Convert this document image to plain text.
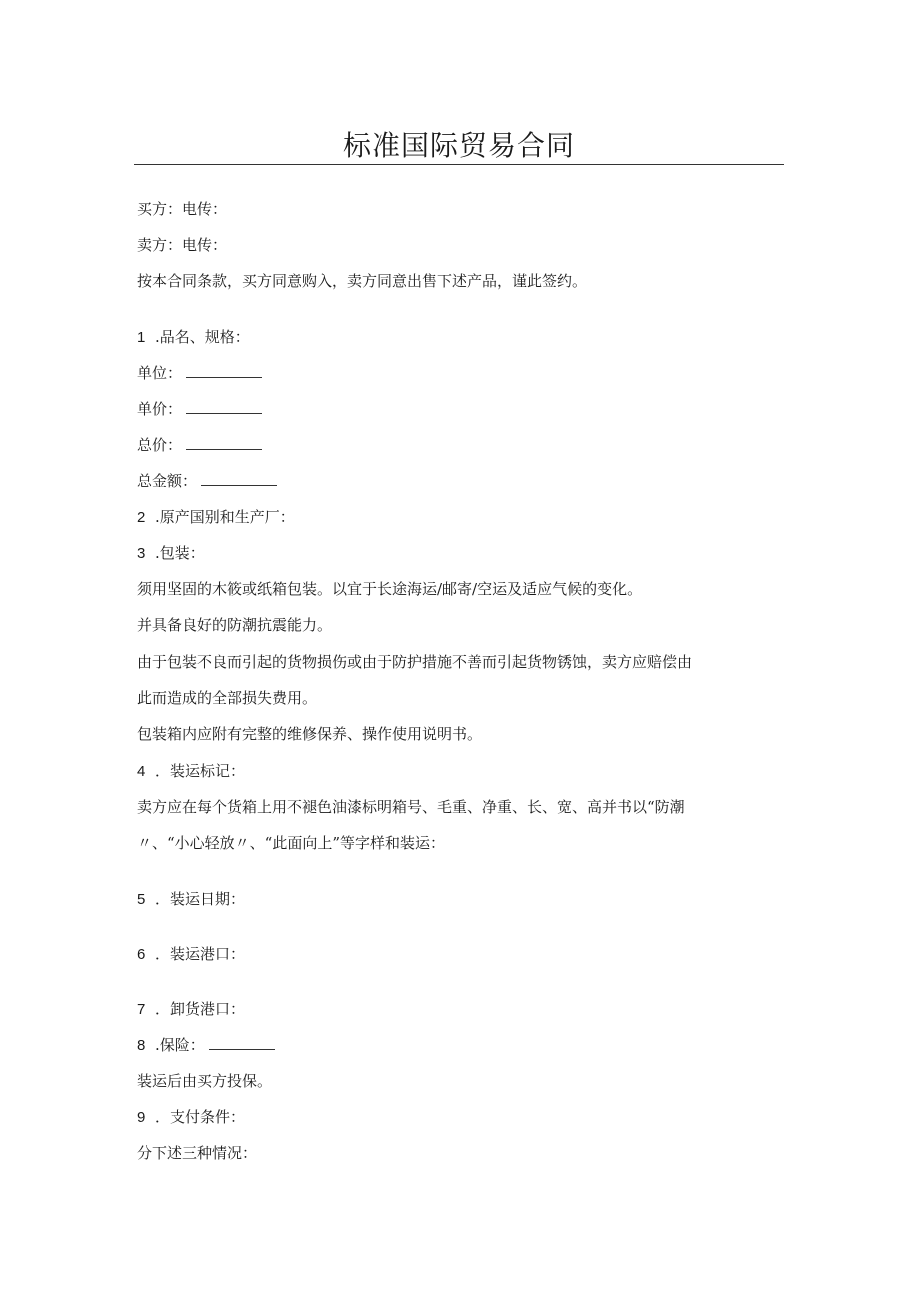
标准国际贸易合同
买方：电传：
卖方：电传：
按本合同条款，买方同意购入，卖方同意出售下述产品，谨此签约。
1 .品名、规格：
单位：
单价：
总价：
总金额：
2 .原产国别和生产厂：
3 .包装：
须用坚固的木筱或纸箱包装。以宜于长途海运/邮寄/空运及适应气候的变化。
并具备良好的防潮抗震能力。
由于包装不良而引起的货物损伤或由于防护措施不善而引起货物锈蚀，卖方应赔偿由
此而造成的全部损失费用。
包装箱内应附有完整的维修保养、操作使用说明书。
4 ．装运标记：
卖方应在每个货箱上用不褪色油漆标明箱号、毛重、净重、长、宽、高并书以“防潮
〃、“小心轻放〃、“此面向上”等字样和装运：
5 ．装运日期：
6 ．装运港口：
7 ．卸货港口：
8 .保险：
装运后由买方投保。
9 ．支付条件：
分下述三种情况：
